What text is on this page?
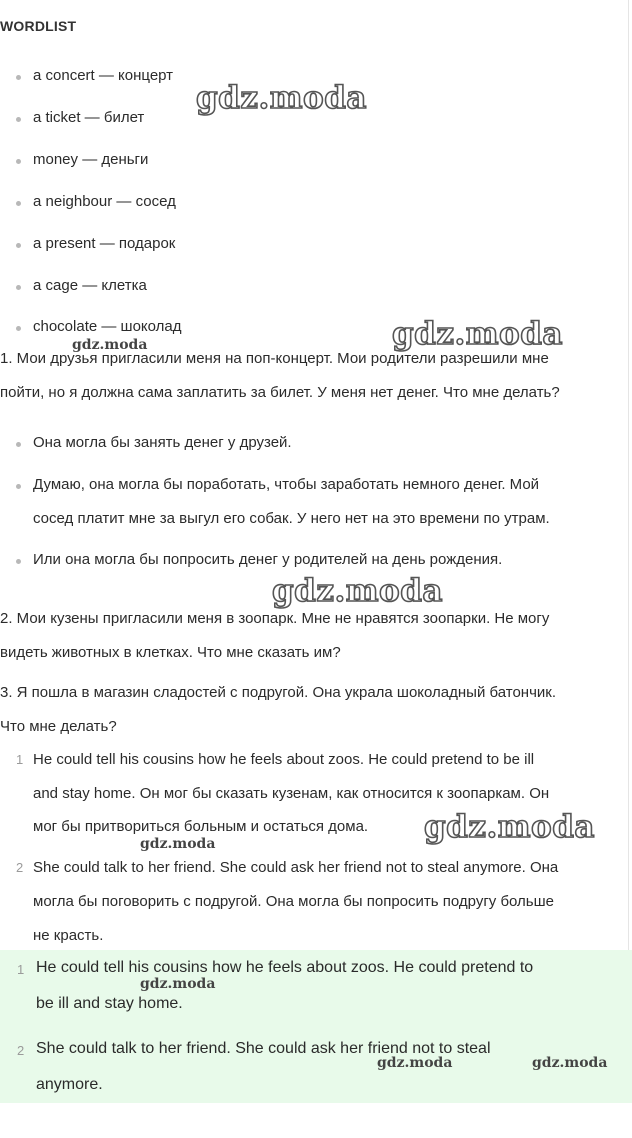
WORDLIST
a concert — концерт
a ticket — билет
money — деньги
a neighbour — сосед
a present — подарок
a cage — клетка
chocolate — шоколад
1. Мои друзья пригласили меня на поп-концерт. Мои родители разрешили мне
пойти, но я должна сама заплатить за билет. У меня нет денег. Что мне делать?
Она могла бы занять денег у друзей.
Думаю, она могла бы поработать, чтобы заработать немного денег. Мой
сосед платит мне за выгул его собак. У него нет на это времени по утрам.
Или она могла бы попросить денег у родителей на день рождения.
2. Мои кузены пригласили меня в зоопарк. Мне не нравятся зоопарки. Не могу
видеть животных в клетках. Что мне сказать им?
3. Я пошла в магазин сладостей с подругой. Она украла шоколадный батончик.
Что мне делать?
1 He could tell his cousins how he feels about zoos. He could pretend to be ill
and stay home. Он мог бы сказать кузенам, как относится к зоопаркам. Он
мог бы притвориться больным и остаться дома.
2 She could talk to her friend. She could ask her friend not to steal anymore. Она
могла бы поговорить с подругой. Она могла бы попросить подругу больше
не красть.
1 He could tell his cousins how he feels about zoos. He could pretend to
be ill and stay home.
2 She could talk to her friend. She could ask her friend not to steal
anymore.
gdz.moda
gdz.moda
gdz.moda
gdz.moda
gdz.moda
gdz.moda
gdz.moda
gdz.moda	gdz.moda
